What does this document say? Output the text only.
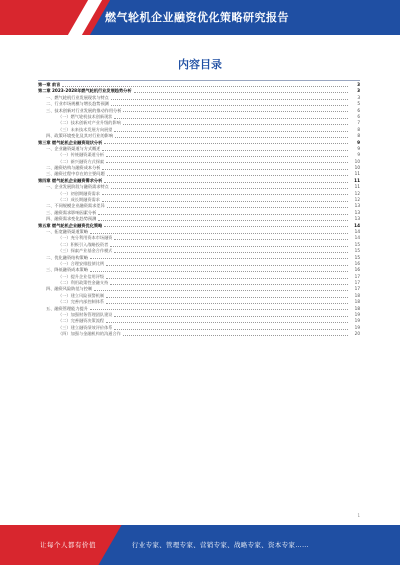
燃气轮机企业融资优化策略研究报告
内容目录
第一章 前言	3
第二章 2023-2028年燃气轮机行业发展趋势分析	3
一、燃气轮机行业发展现状与特点	3
二、行业市场规模与增长趋势预测	5
三、技术创新对行业发展的推动作用分析	6
（一）燃气轮机技术创新现状	6
（二）技术创新对产业升级的影响	7
（三）未来技术发展方向展望	8
四、政策环境变化及其对行业的影响	8
第三章 燃气轮机企业融资现状分析	9
一、企业融资渠道与方式概述	9
（一）传统融资渠道分析	9
（二）新兴融资方式探索	10
二、融资结构与融资成本分析	10
三、融资过程中存在的主要问题	11
第四章 燃气轮机企业融资需求分析	11
一、企业发展阶段与融资需求特点	11
（一）初创期融资需求	12
（二）成长期融资需求	12
二、不同规模企业融资需求差异	13
三、融资需求影响因素分析	13
四、融资需求变化趋势预测	13
第五章 燃气轮机企业融资优化策略	14
一、拓宽融资渠道策略	14
（一）充分利用资本市场融资	14
（二）积极引入战略投资者	15
（三）探索产业基金合作模式	15
二、优化融资结构策略	15
（一）合理安排股债比例	16
三、降低融资成本策略	16
（一）提升企业信用评级	17
（二）利用政策性金融支持	17
四、融资风险防范与控制	17
（一）建立风险预警机制	18
（二）完善内部控制体系	18
五、融资管理能力提升	18
（一）加强财务管理团队建设	19
（二）完善融资决策流程	19
（三）建立融资绩效评价体系	19
（四）加强与金融机构的沟通合作	20
1
让每个人都有价值	行业专家、管理专家、营销专家、战略专家、资本专家……
